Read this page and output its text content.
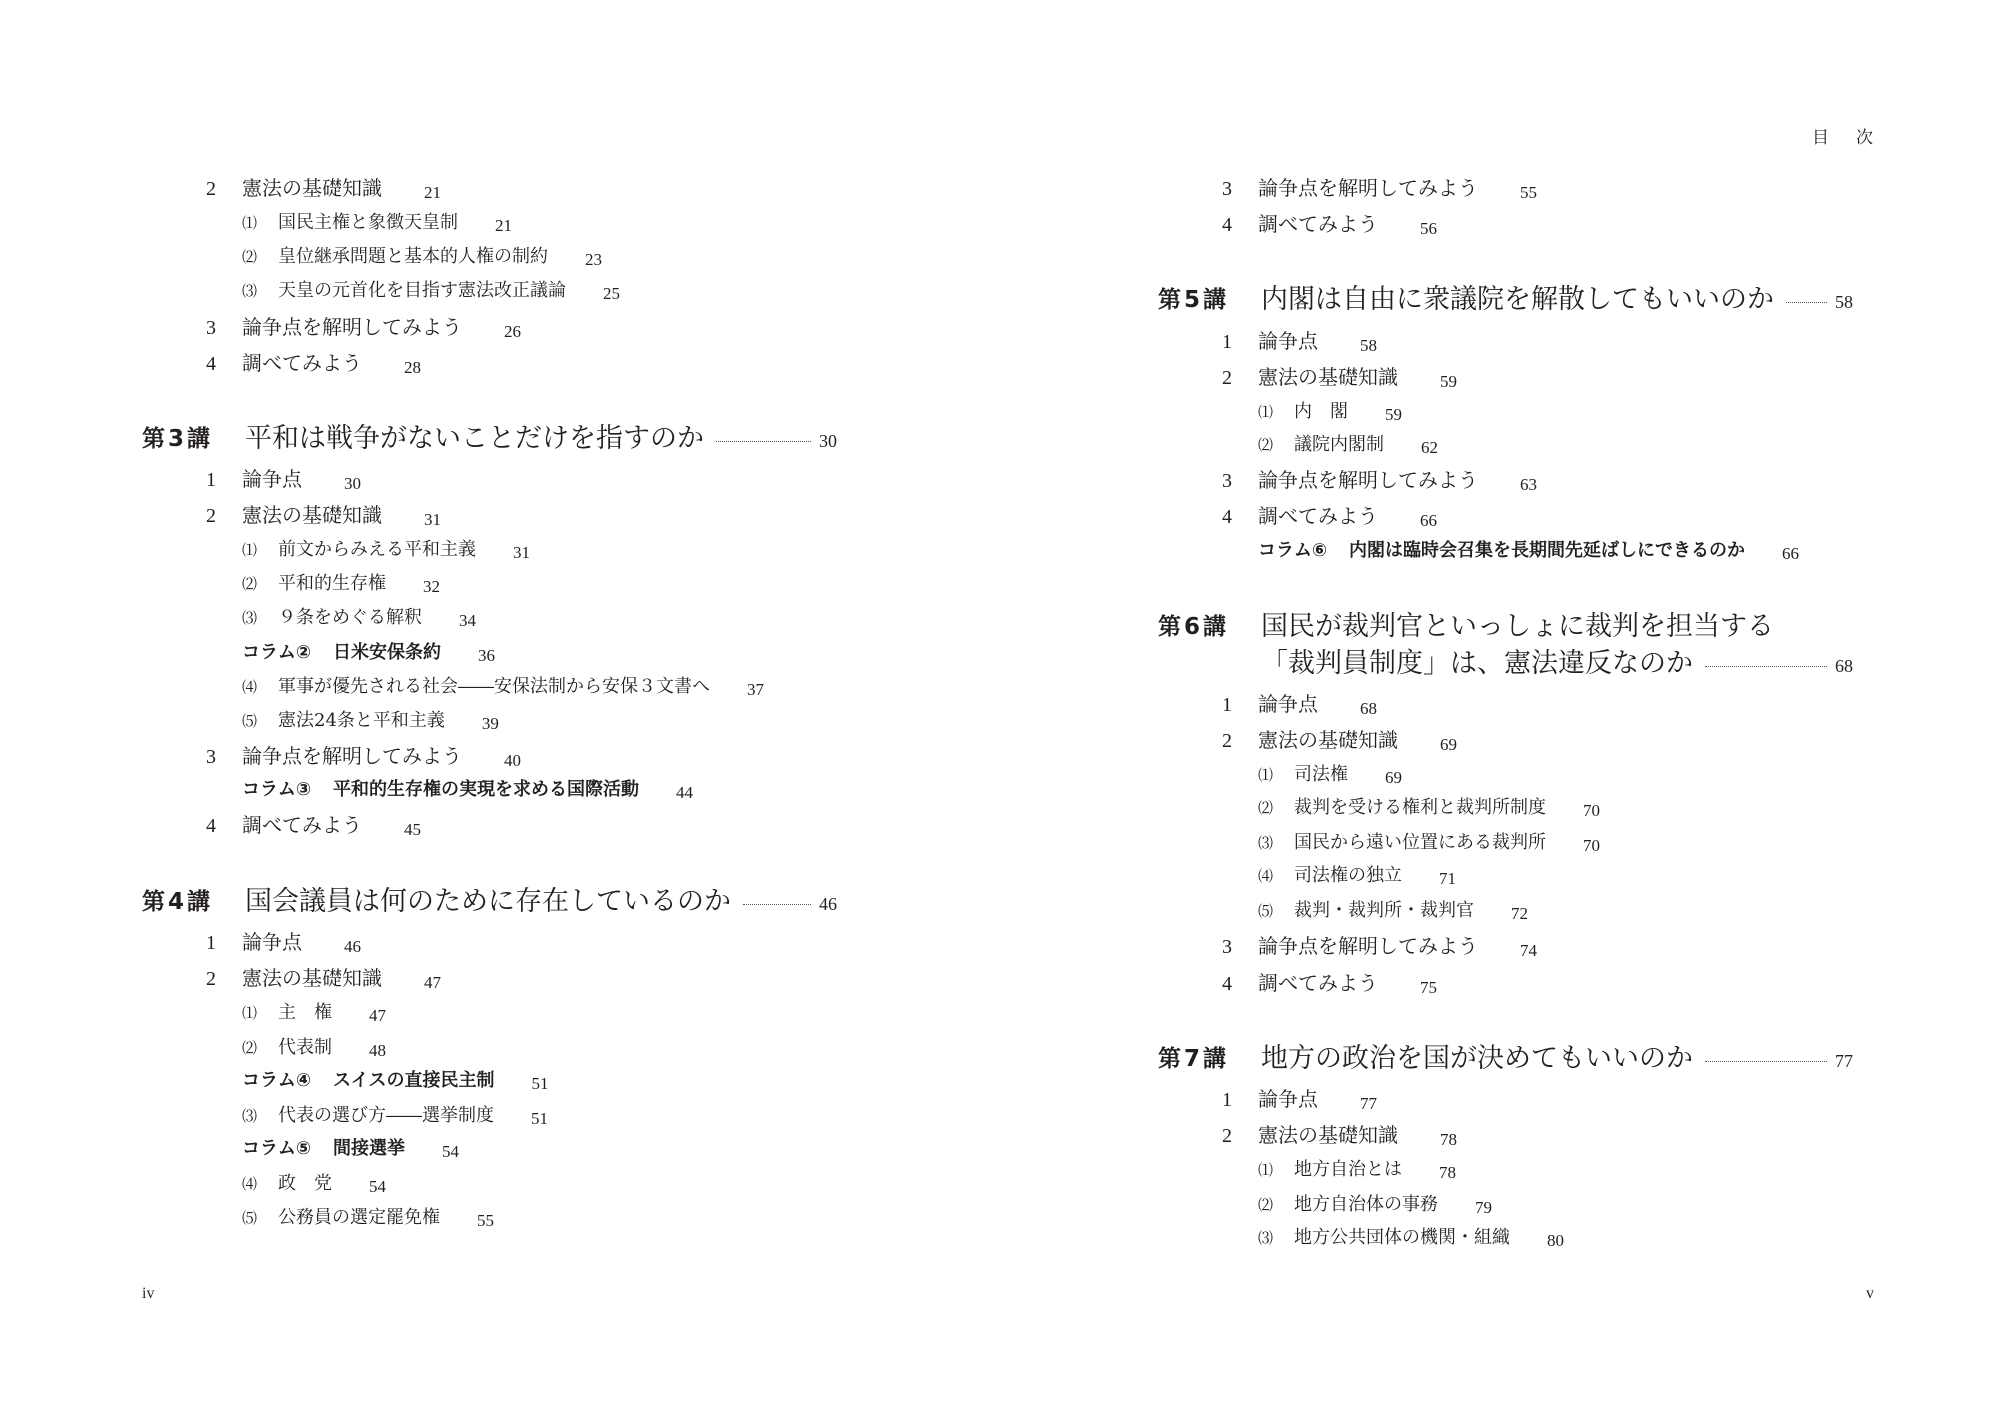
2 憲法の基礎知識 21
⑴ 国民主権と象徴天皇制 21
⑵ 皇位継承問題と基本的人権の制約 23
⑶ 天皇の元首化を目指す憲法改正議論 25
3 論争点を解明してみよう 26
4 調べてみよう 28
第3講	平和は戦争がないことだけを指すのか	30
1 論争点 30
2 憲法の基礎知識 31
⑴ 前文からみえる平和主義 31
⑵ 平和的生存権 32
⑶ ９条をめぐる解釈 34
コラム② 日米安保条約 36
⑷ 軍事が優先される社会――安保法制から安保３文書へ 37
⑸ 憲法24条と平和主義 39
3 論争点を解明してみよう 40
コラム③ 平和的生存権の実現を求める国際活動 44
4 調べてみよう 45
第4講	国会議員は何のために存在しているのか	46
1 論争点 46
2 憲法の基礎知識 47
⑴ 主　権 47
⑵ 代表制 48
コラム④ スイスの直接民主制 51
⑶ 代表の選び方――選挙制度 51
コラム⑤ 間接選挙 54
⑷ 政　党 54
⑸ 公務員の選定罷免権 55
iv
3 論争点を解明してみよう 55
4 調べてみよう 56
第5講	内閣は自由に衆議院を解散してもいいのか	58
1 論争点 58
2 憲法の基礎知識 59
⑴ 内　閣 59
⑵ 議院内閣制 62
3 論争点を解明してみよう 63
4 調べてみよう 66
コラム⑥ 内閣は臨時会召集を長期間先延ばしにできるのか 66
第6講	国民が裁判官といっしょに裁判を担当する
「裁判員制度」は、憲法違反なのか	68
1 論争点 68
2 憲法の基礎知識 69
⑴ 司法権 69
⑵ 裁判を受ける権利と裁判所制度 70
⑶ 国民から遠い位置にある裁判所 70
⑷ 司法権の独立 71
⑸ 裁判・裁判所・裁判官 72
3 論争点を解明してみよう 74
4 調べてみよう 75
第7講	地方の政治を国が決めてもいいのか	77
1 論争点 77
2 憲法の基礎知識 78
⑴ 地方自治とは 78
⑵ 地方自治体の事務 79
⑶ 地方公共団体の機関・組織 80
目　次
v
